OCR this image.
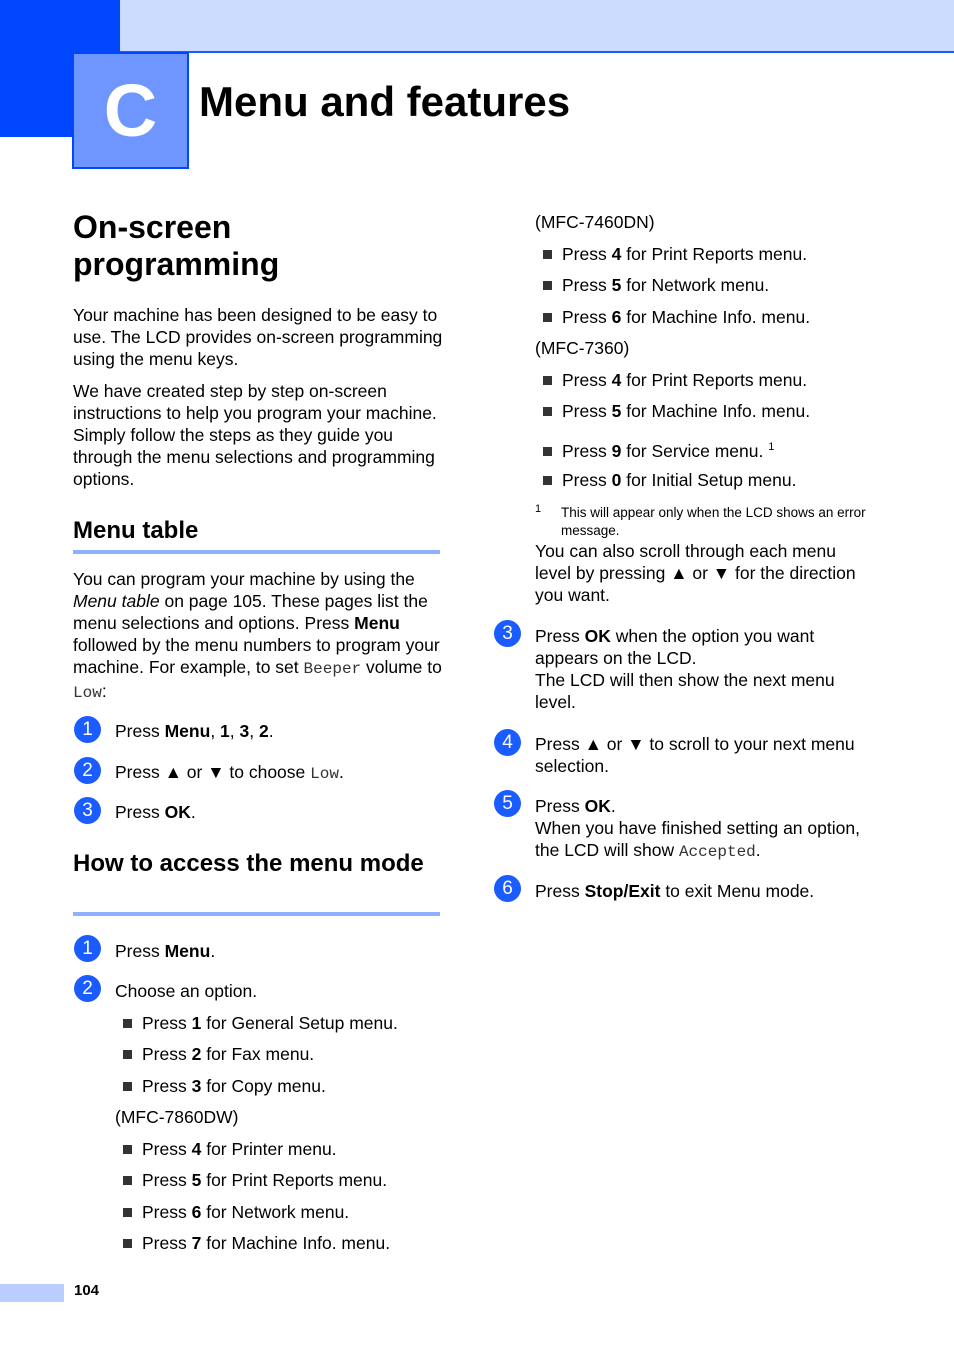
C Menu and features
On-screen programming

Your machine has been designed to be easy to use. The LCD provides on-screen programming using the menu keys.

We have created step by step on-screen instructions to help you program your machine. Simply follow the steps as they guide you through the menu selections and programming options.

Menu table

You can program your machine by using the Menu table on page 105. These pages list the menu selections and options. Press Menu followed by the menu numbers to program your machine. For example, to set Beeper volume to Low:

1	Press Menu, 1, 3, 2.
2	Press ▲ or ▼ to choose Low.
3	Press OK.
How to access the menu mode
1	Press Menu.
2	Choose an option.
Press 1 for General Setup menu.
Press 2 for Fax menu.
Press 3 for Copy menu.
(MFC-7860DW)
Press 4 for Printer menu.
Press 5 for Print Reports menu.
Press 6 for Network menu.
Press 7 for Machine Info. menu.
(MFC-7460DN)
Press 4 for Print Reports menu.
Press 5 for Network menu.
Press 6 for Machine Info. menu.
(MFC-7360)
Press 4 for Print Reports menu.
Press 5 for Machine Info. menu.
Press 9 for Service menu. $^1$
Press 0 for Initial Setup menu.
1 This will appear only when the LCD shows an error message.

You can also scroll through each menu level by pressing ▲ or ▼ for the direction you want.

3	Press OK when the option you want appears on the LCD.
The LCD will then show the next menu level.
4	Press ▲ or ▼ to scroll to your next menu selection.
5	Press OK.
When you have finished setting an option, the LCD will show Accepted.
6	Press Stop/Exit to exit Menu mode.
104
